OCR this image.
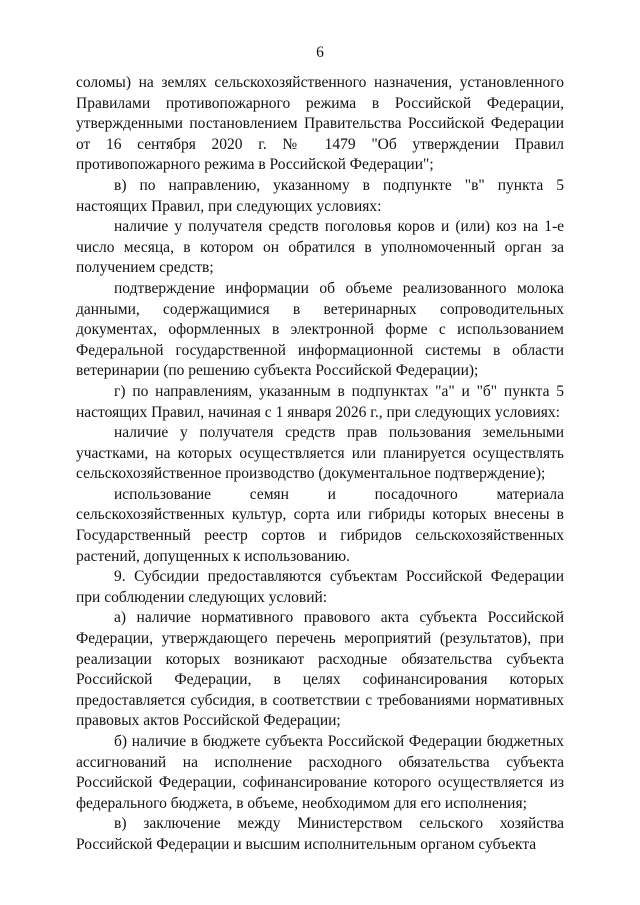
6

соломы) на землях сельскохозяйственного назначения, установленного Правилами противопожарного режима в Российской Федерации, утвержденными постановлением Правительства Российской Федерации от 16 сентября 2020 г. № 1479 "Об утверждении Правил противопожарного режима в Российской Федерации";

в) по направлению, указанному в подпункте "в" пункта 5 настоящих Правил, при следующих условиях:

наличие у получателя средств поголовья коров и (или) коз на 1-е число месяца, в котором он обратился в уполномоченный орган за получением средств;

подтверждение информации об объеме реализованного молока данными, содержащимися в ветеринарных сопроводительных документах, оформленных в электронной форме с использованием Федеральной государственной информационной системы в области ветеринарии (по решению субъекта Российской Федерации);

г) по направлениям, указанным в подпунктах "а" и "б" пункта 5 настоящих Правил, начиная с 1 января 2026 г., при следующих условиях:

наличие у получателя средств прав пользования земельными участками, на которых осуществляется или планируется осуществлять сельскохозяйственное производство (документальное подтверждение);

использование семян и посадочного материала сельскохозяйственных культур, сорта или гибриды которых внесены в Государственный реестр сортов и гибридов сельскохозяйственных растений, допущенных к использованию.

9. Субсидии предоставляются субъектам Российской Федерации при соблюдении следующих условий:

а) наличие нормативного правового акта субъекта Российской Федерации, утверждающего перечень мероприятий (результатов), при реализации которых возникают расходные обязательства субъекта Российской Федерации, в целях софинансирования которых предоставляется субсидия, в соответствии с требованиями нормативных правовых актов Российской Федерации;

б) наличие в бюджете субъекта Российской Федерации бюджетных ассигнований на исполнение расходного обязательства субъекта Российской Федерации, софинансирование которого осуществляется из федерального бюджета, в объеме, необходимом для его исполнения;

в) заключение между Министерством сельского хозяйства Российской Федерации и высшим исполнительным органом субъекта
